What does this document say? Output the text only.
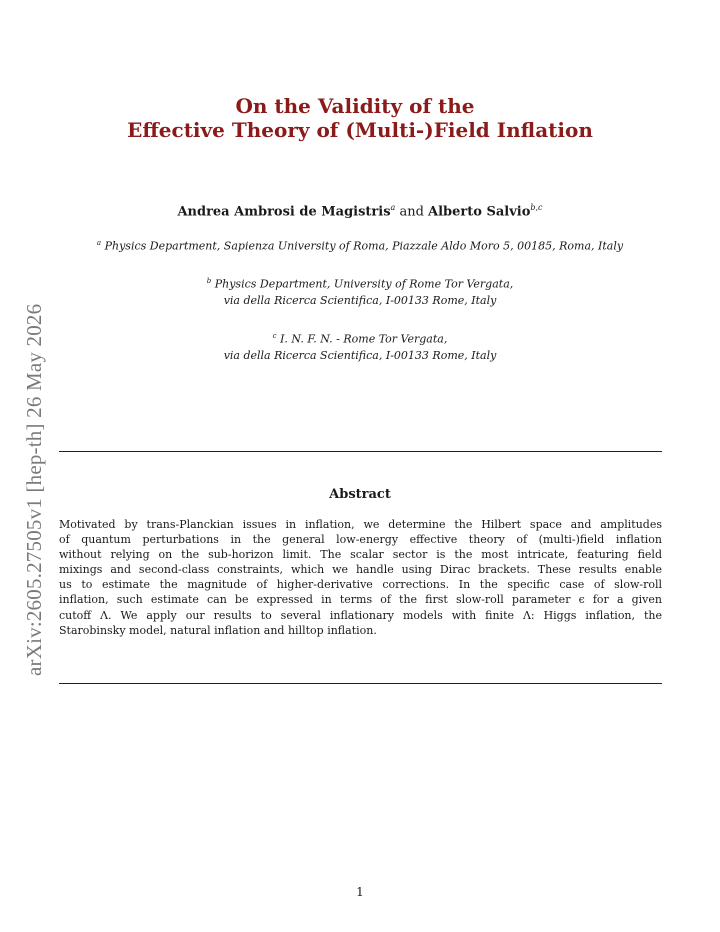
arXiv:2605.27505v1 [hep-th] 26 May 2026
On the Validity of the
Effective Theory of (Multi-)Field Inflation
Andrea Ambrosi de Magistris$^a$ and Alberto Salvio$^{b,c}$
$^a$ Physics Department, Sapienza University of Roma, Piazzale Aldo Moro 5, 00185, Roma, Italy
$^b$ Physics Department, University of Rome Tor Vergata,
via della Ricerca Scientifica, I-00133 Rome, Italy
$^c$ I. N. F. N. - Rome Tor Vergata,
via della Ricerca Scientifica, I-00133 Rome, Italy
Abstract
Motivated by trans-Planckian issues in inflation, we determine the Hilbert space and amplitudes
of quantum perturbations in the general low-energy effective theory of (multi-)field inflation
without relying on the sub-horizon limit. The scalar sector is the most intricate, featuring field
mixings and second-class constraints, which we handle using Dirac brackets. These results enable
us to estimate the magnitude of higher-derivative corrections. In the specific case of slow-roll
inflation, such estimate can be expressed in terms of the first slow-roll parameter ϵ for a given
cutoff Λ. We apply our results to several inflationary models with finite Λ: Higgs inflation, the
Starobinsky model, natural inflation and hilltop inflation.
1
